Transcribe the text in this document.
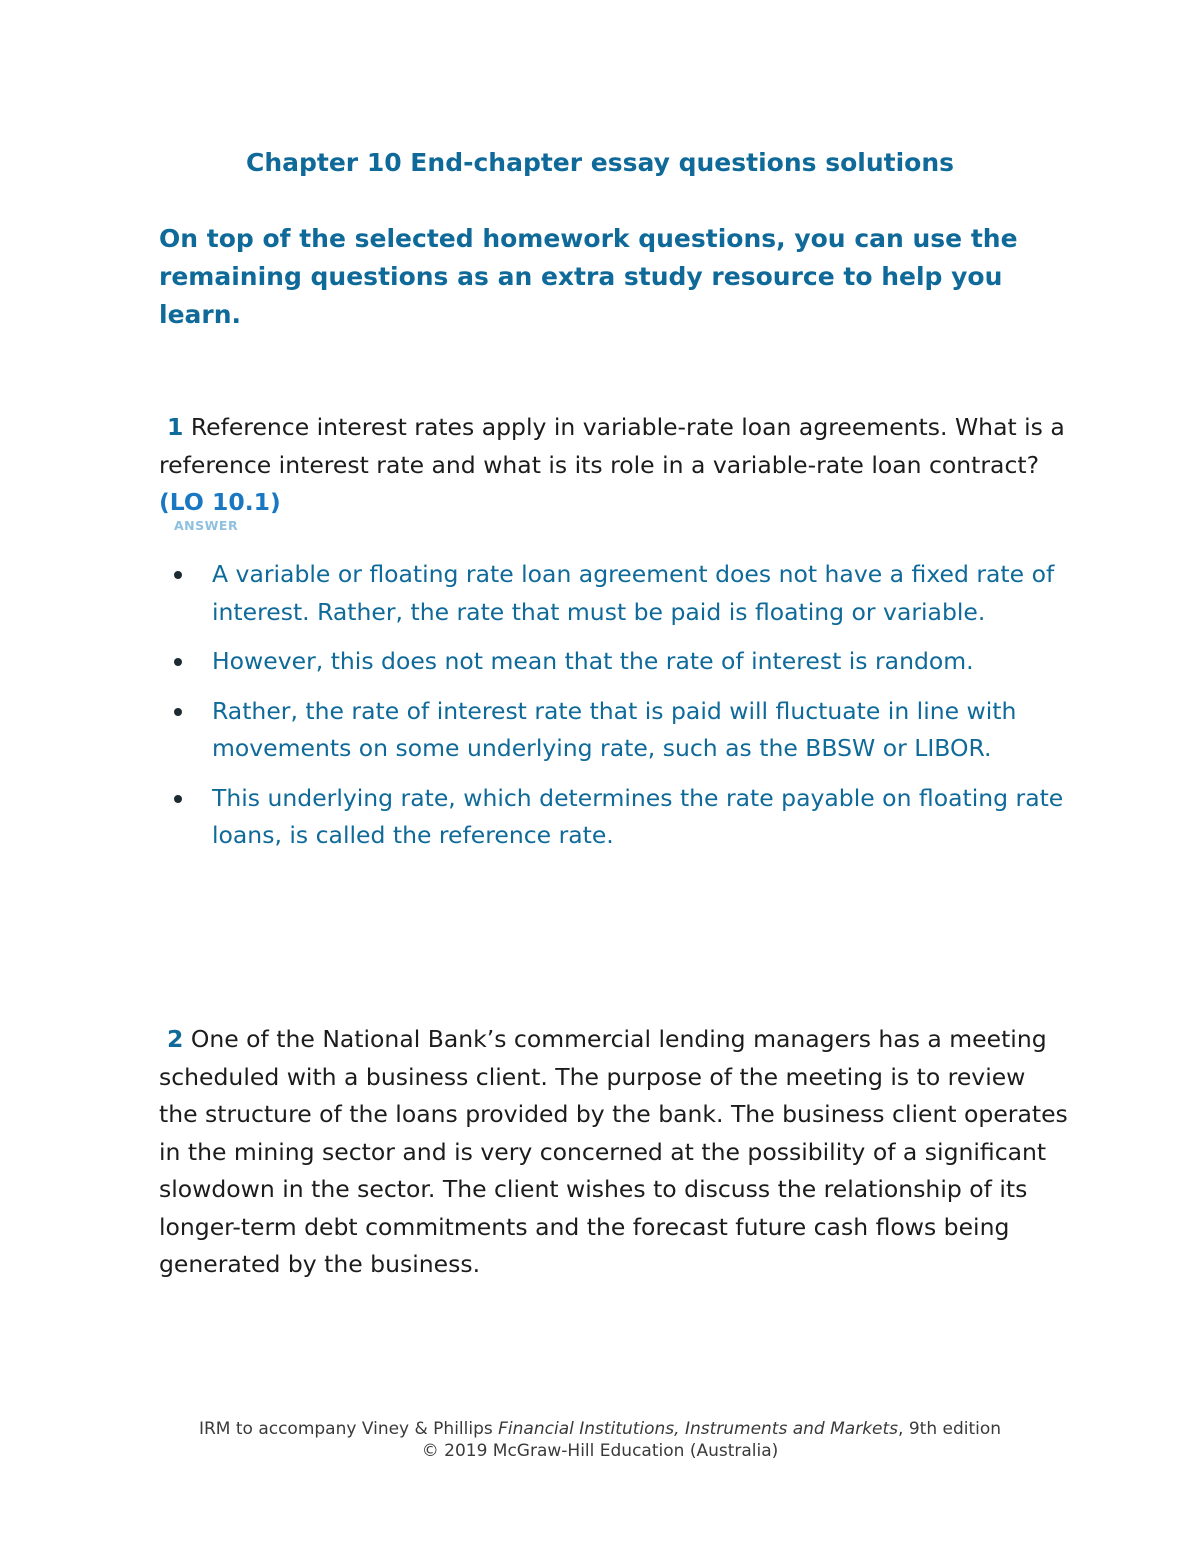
Chapter 10 End-chapter essay questions solutions

On top of the selected homework questions, you can use the remaining questions as an extra study resource to help you learn.

1 Reference interest rates apply in variable-rate loan agreements. What is a reference interest rate and what is its role in a variable-rate loan contract? (LO 10.1)

ANSWER

A variable or floating rate loan agreement does not have a fixed rate of interest. Rather, the rate that must be paid is floating or variable.
However, this does not mean that the rate of interest is random.
Rather, the rate of interest rate that is paid will fluctuate in line with movements on some underlying rate, such as the BBSW or LIBOR.
This underlying rate, which determines the rate payable on floating rate loans, is called the reference rate.

2 One of the National Bank’s commercial lending managers has a meeting scheduled with a business client. The purpose of the meeting is to review the structure of the loans provided by the bank. The business client operates in the mining sector and is very concerned at the possibility of a significant slowdown in the sector. The client wishes to discuss the relationship of its longer-term debt commitments and the forecast future cash flows being generated by the business.

IRM to accompany Viney & Phillips Financial Institutions, Instruments and Markets, 9th edition
© 2019 McGraw-Hill Education (Australia)
